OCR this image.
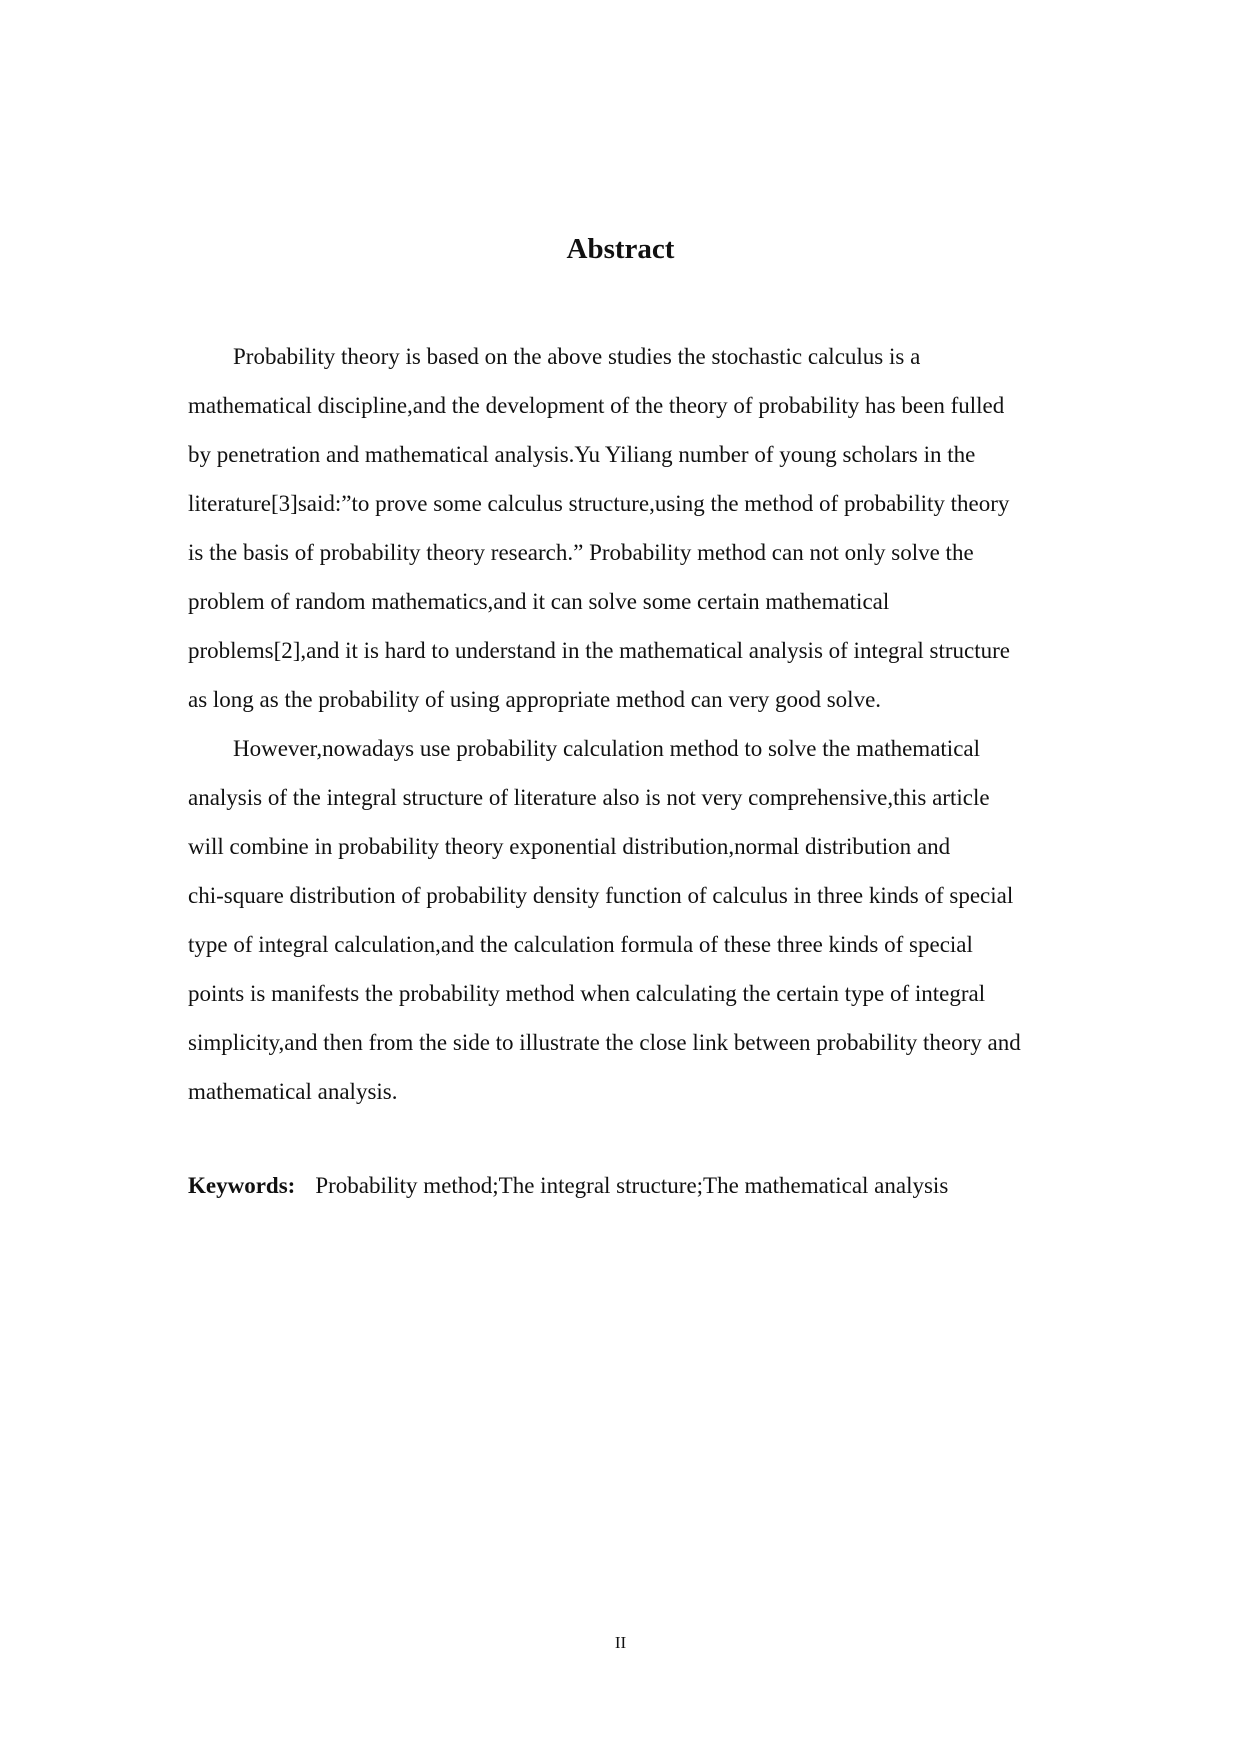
Abstract

Probability theory is based on the above studies the stochastic calculus is a

mathematical discipline,and the development of the theory of probability has been fulled

by penetration and mathematical analysis.Yu Yiliang number of young scholars in the

literature[3]said:”to prove some calculus structure,using the method of probability theory

is the basis of probability theory research.” Probability method can not only solve the

problem of random mathematics,and it can solve some certain mathematical

problems[2],and it is hard to understand in the mathematical analysis of integral structure

as long as the probability of using appropriate method can very good solve.

However,nowadays use probability calculation method to solve the mathematical

analysis of the integral structure of literature also is not very comprehensive,this article

will combine in probability theory exponential distribution,normal distribution and

chi-square distribution of probability density function of calculus in three kinds of special

type of integral calculation,and the calculation formula of these three kinds of special

points is manifests the probability method when calculating the certain type of integral

simplicity,and then from the side to illustrate the close link between probability theory and

mathematical analysis.

Keywords: Probability method;The integral structure;The mathematical analysis

II
